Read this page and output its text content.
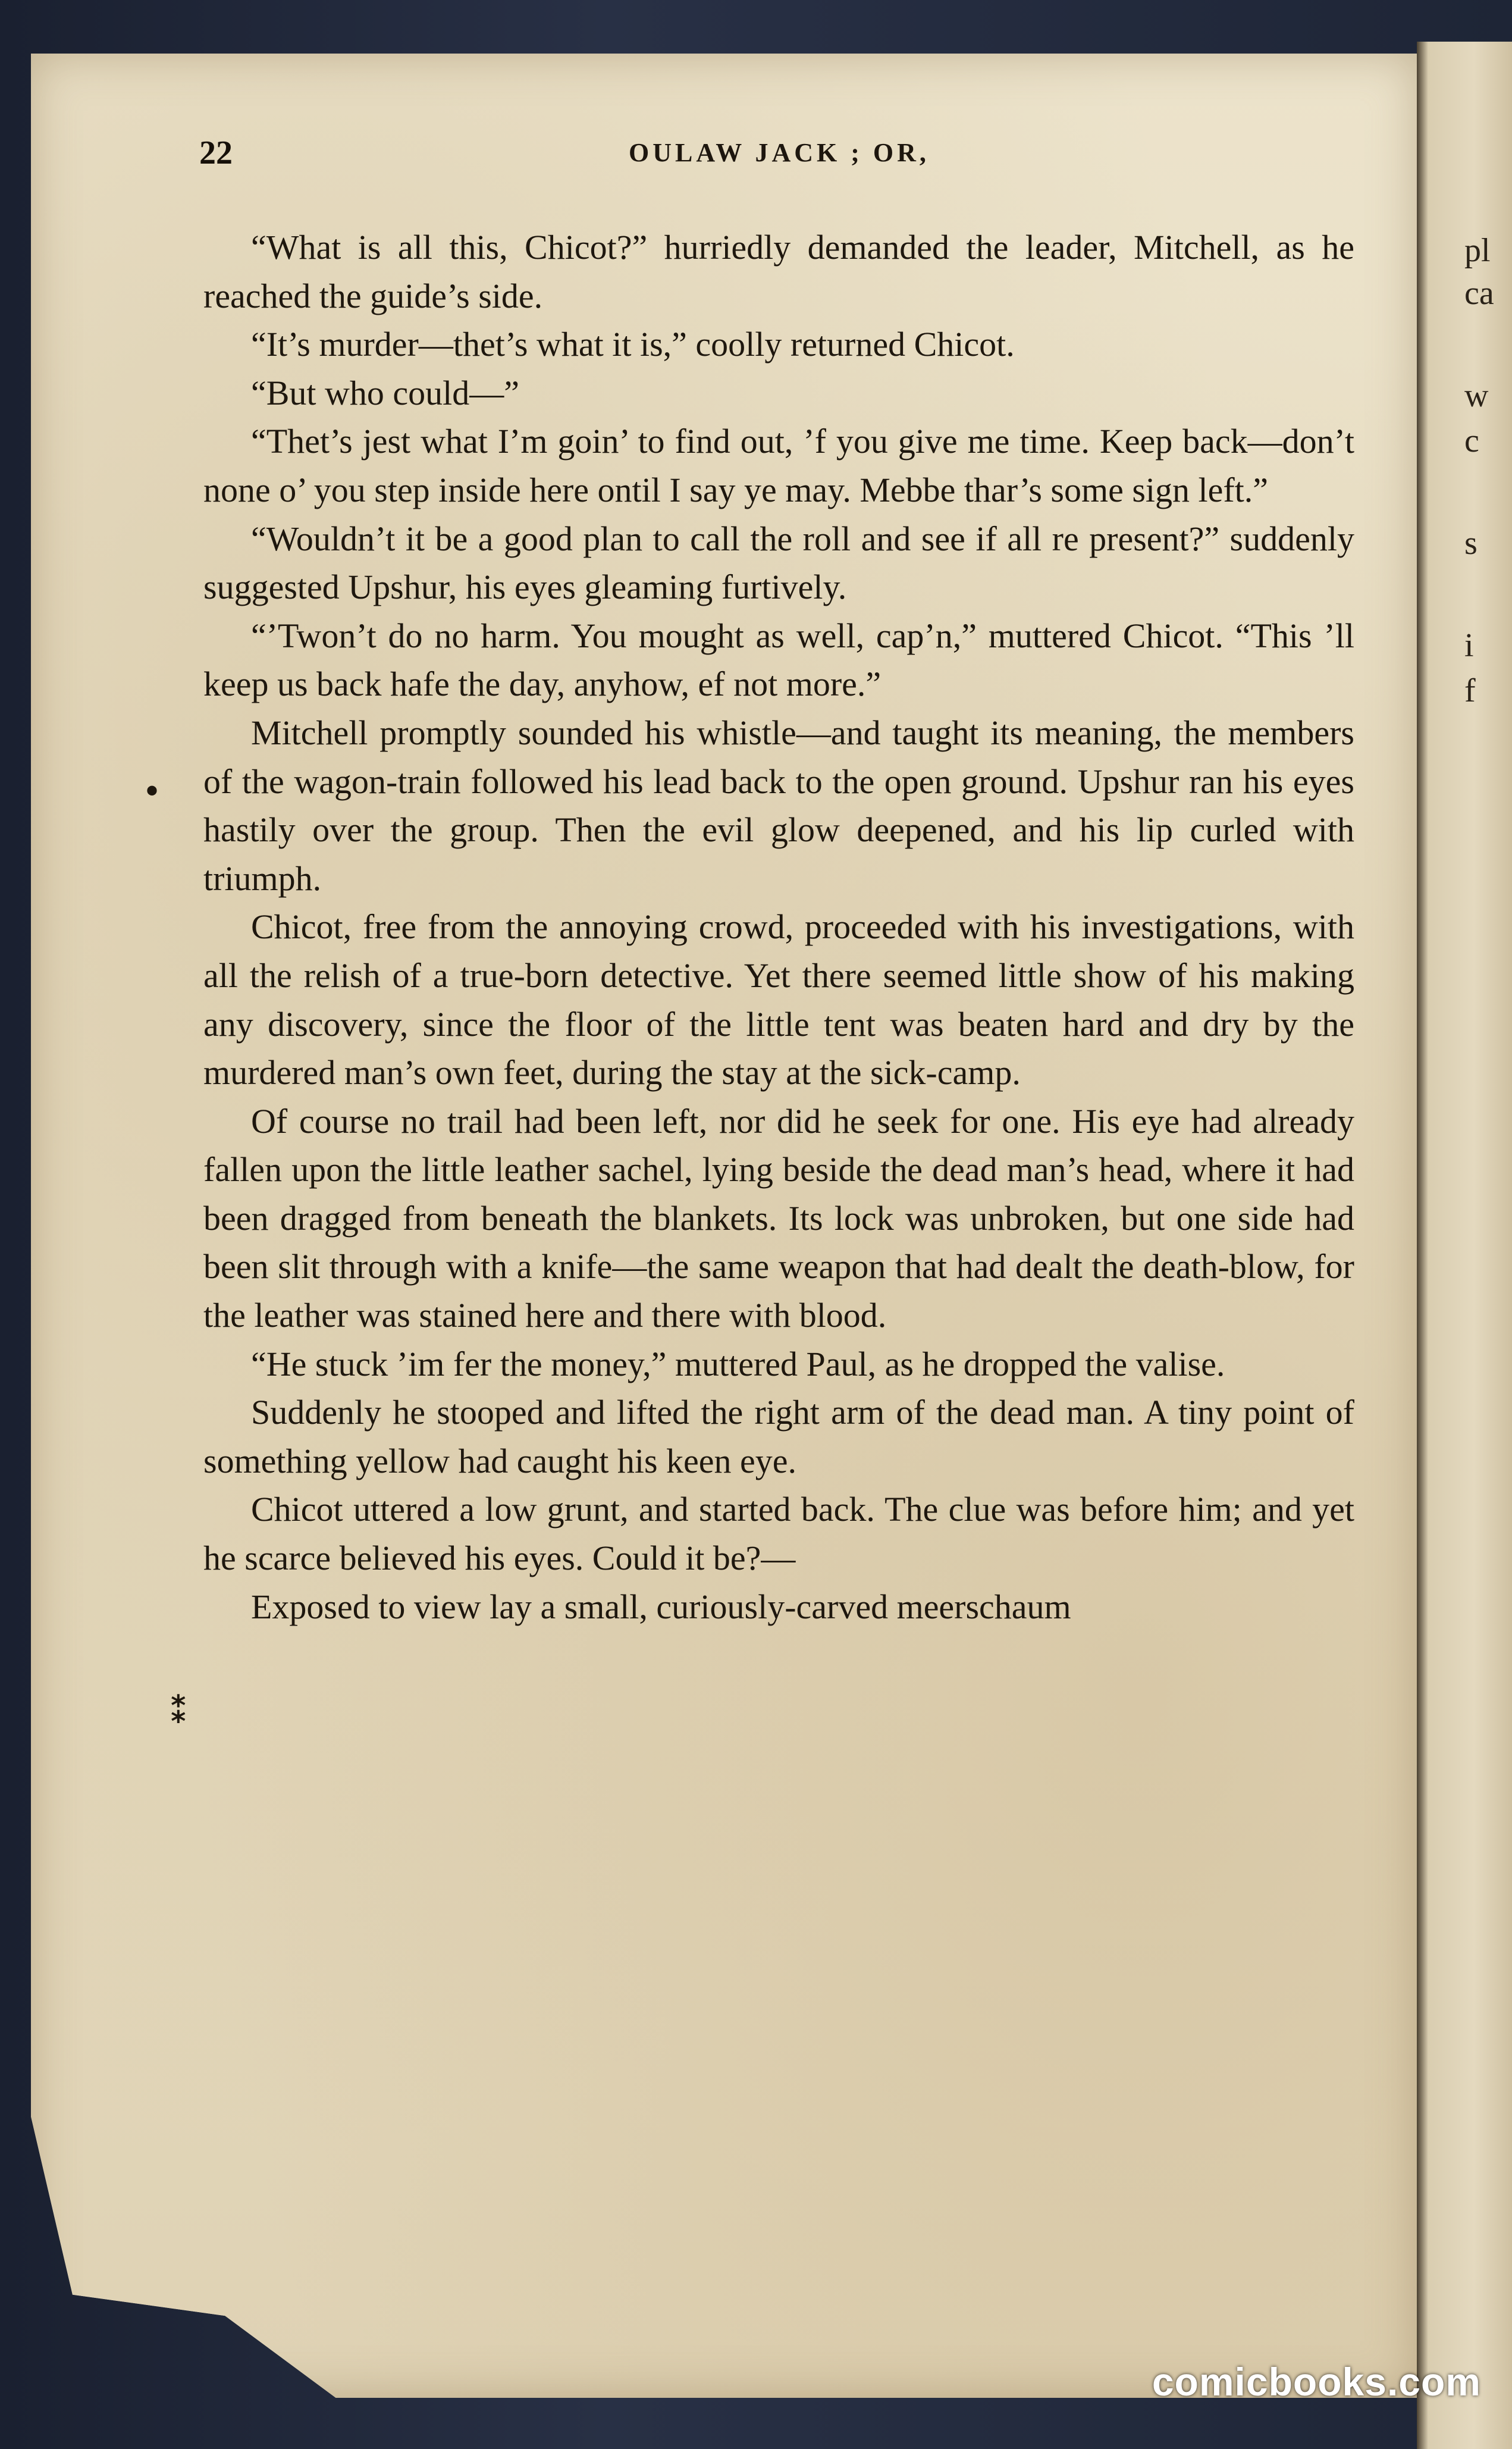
pl
ca
w
c
s
i
f
22	OULAW JACK ; OR,

“What is all this, Chicot?” hurriedly demanded the leader, Mitchell, as he reached the guide’s side.

“It’s murder—thet’s what it is,” coolly returned Chicot.

“But who could—”

“Thet’s jest what I’m goin’ to find out, ’f you give me time. Keep back—don’t none o’ you step inside here ontil I say ye may. Mebbe thar’s some sign left.”

“Wouldn’t it be a good plan to call the roll and see if all re present?” suddenly suggested Upshur, his eyes gleaming furtively.

“’Twon’t do no harm. You mought as well, cap’n,” muttered Chicot. “This ’ll keep us back hafe the day, anyhow, ef not more.”

Mitchell promptly sounded his whistle—and taught its meaning, the members of the wagon-train followed his lead back to the open ground. Upshur ran his eyes hastily over the group. Then the evil glow deepened, and his lip curled with triumph.

Chicot, free from the annoying crowd, proceeded with his investigations, with all the relish of a true-born detective. Yet there seemed little show of his making any discovery, since the floor of the little tent was beaten hard and dry by the murdered man’s own feet, during the stay at the sick-camp.

Of course no trail had been left, nor did he seek for one. His eye had already fallen upon the little leather sachel, lying beside the dead man’s head, where it had been dragged from beneath the blankets. Its lock was unbroken, but one side had been slit through with a knife—the same weapon that had dealt the death-blow, for the leather was stained here and there with blood.

“He stuck ’im fer the money,” muttered Paul, as he dropped the valise.

Suddenly he stooped and lifted the right arm of the dead man. A tiny point of something yellow had caught his keen eye.

Chicot uttered a low grunt, and started back. The clue was before him; and yet he scarce believed his eyes. Could it be?—

Exposed to view lay a small, curiously-carved meerschaum

•
⁑
comicbooks.com
